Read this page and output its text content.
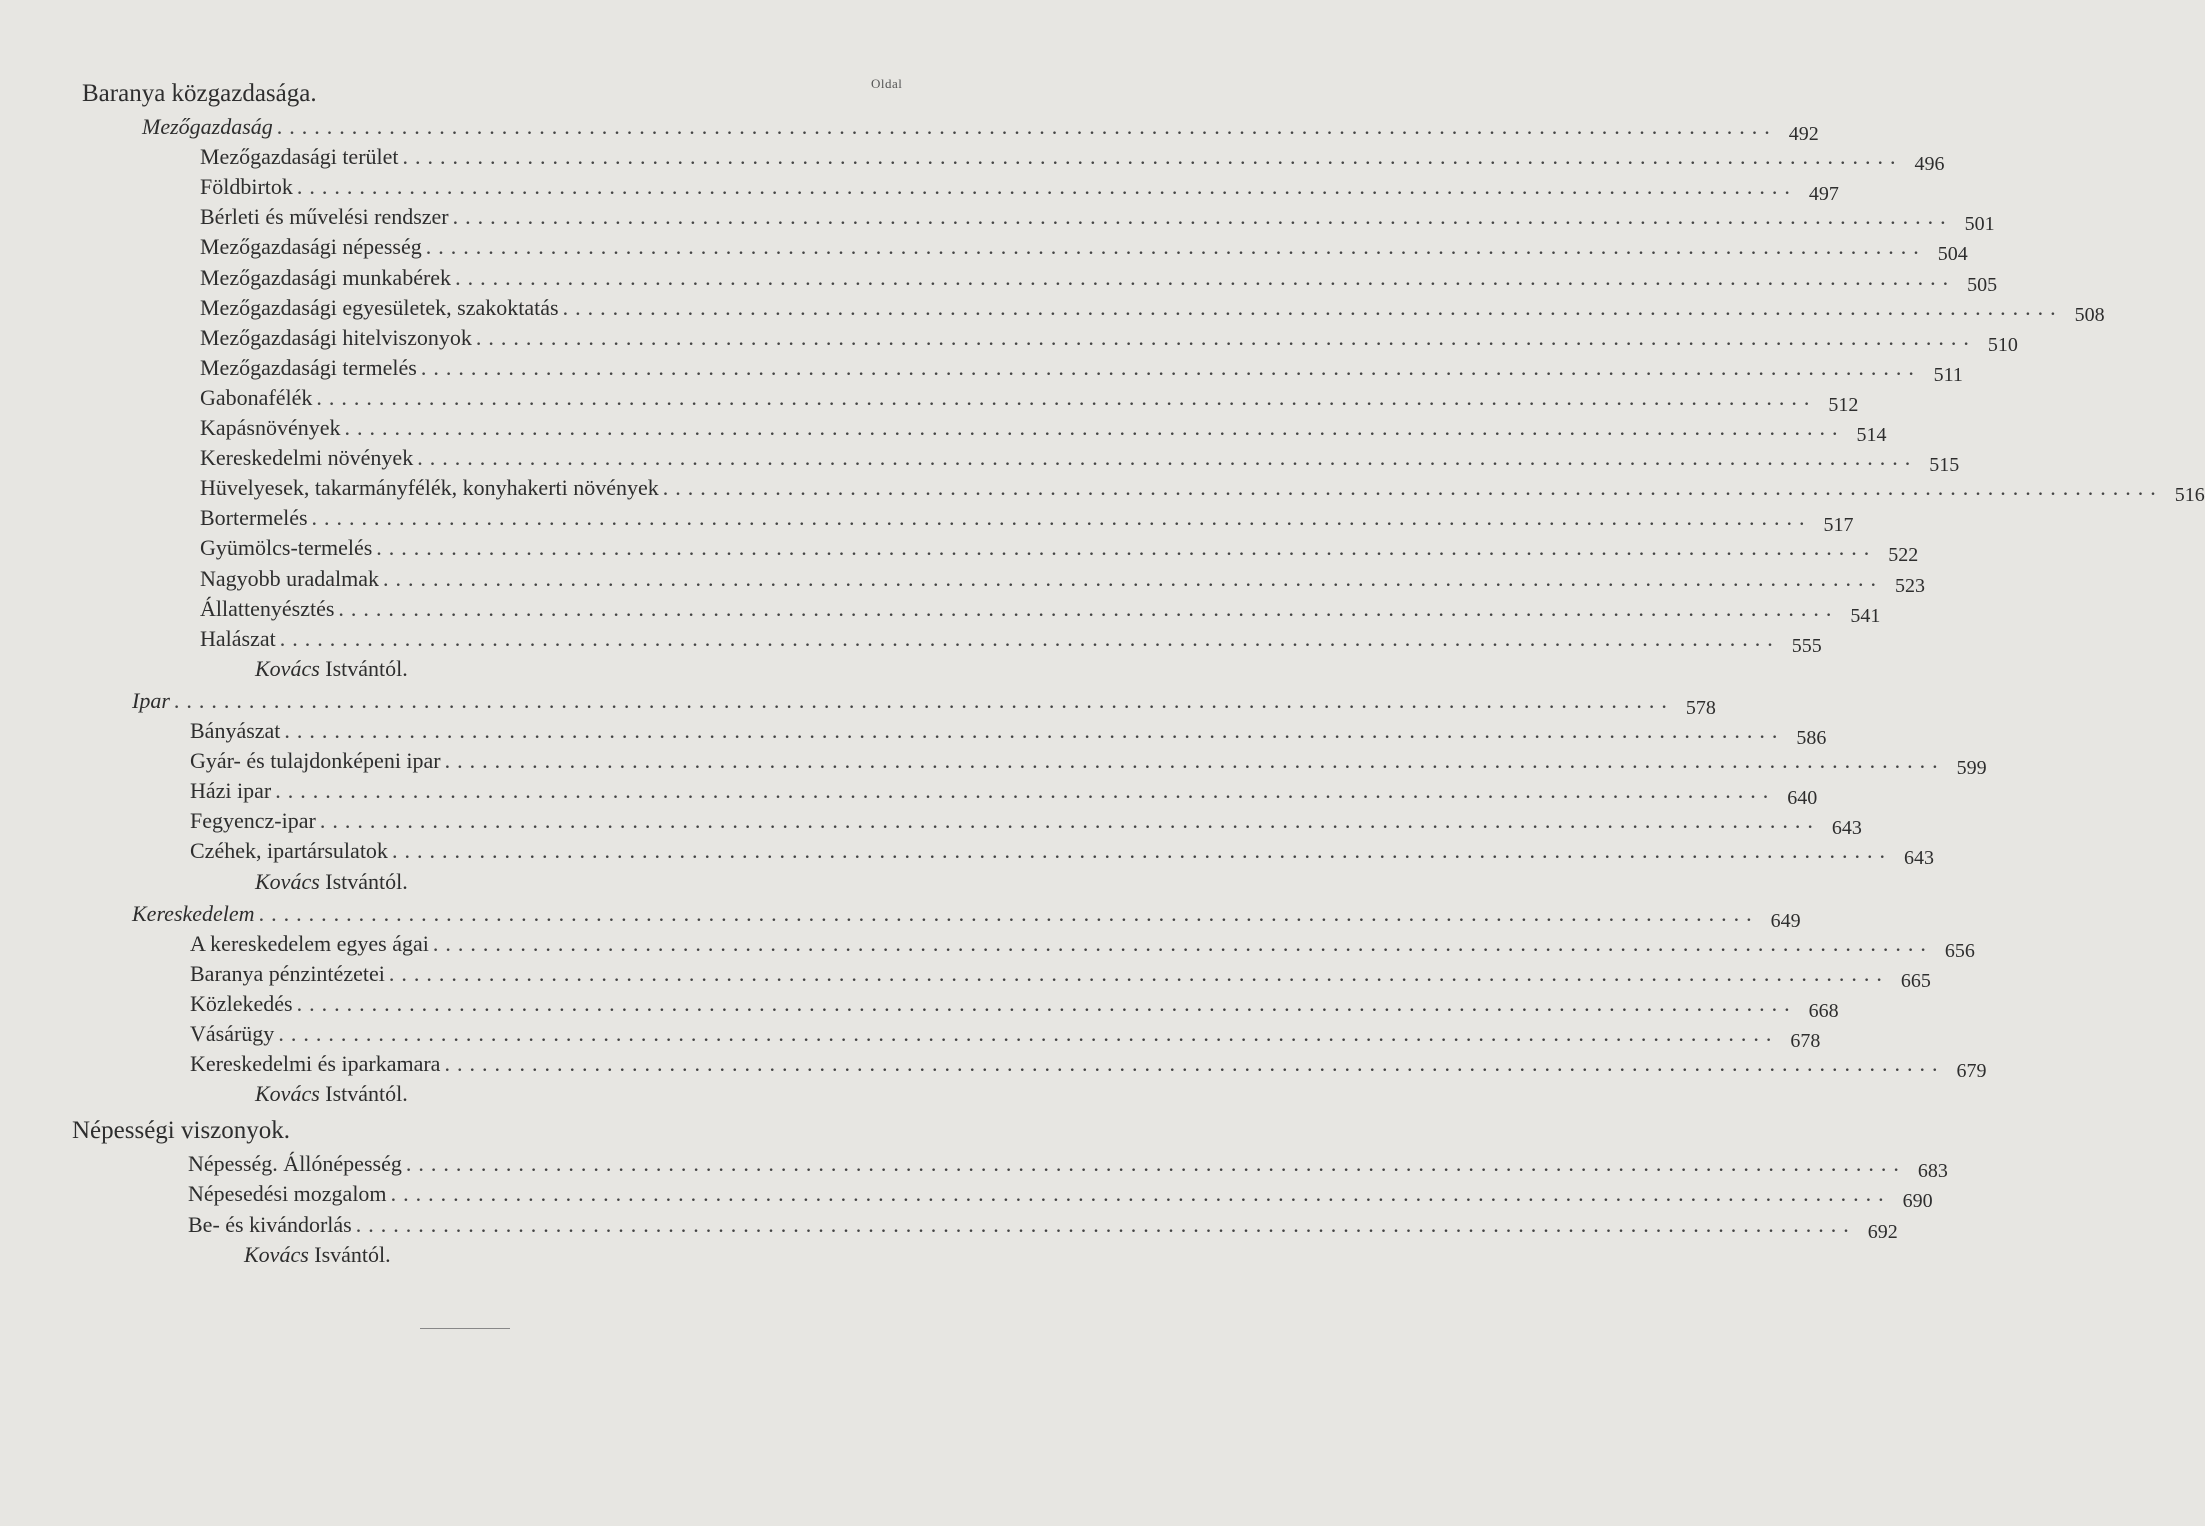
Oldal
Baranya közgazdasága.
Mezőgazdaság ........................................................................................................................ 492
Mezőgazdasági terület ........................................................................................................................ 496
Földbirtok ........................................................................................................................ 497
Bérleti és művelési rendszer ........................................................................................................................ 501
Mezőgazdasági népesség ........................................................................................................................ 504
Mezőgazdasági munkabérek ........................................................................................................................ 505
Mezőgazdasági egyesületek, szakoktatás ........................................................................................................................ 508
Mezőgazdasági hitelviszonyok ........................................................................................................................ 510
Mezőgazdasági termelés ........................................................................................................................ 511
Gabonafélék ........................................................................................................................ 512
Kapásnövények ........................................................................................................................ 514
Kereskedelmi növények ........................................................................................................................ 515
Hüvelyesek, takarmányfélék, konyhakerti növények ........................................................................................................................ 516
Bortermelés ........................................................................................................................ 517
Gyümölcs-termelés ........................................................................................................................ 522
Nagyobb uradalmak ........................................................................................................................ 523
Állattenyésztés ........................................................................................................................ 541
Halászat ........................................................................................................................ 555
Kovács Istvántól.
Ipar ........................................................................................................................ 578
Bányászat ........................................................................................................................ 586
Gyár- és tulajdonképeni ipar ........................................................................................................................ 599
Házi ipar ........................................................................................................................ 640
Fegyencz-ipar ........................................................................................................................ 643
Czéhek, ipartársulatok ........................................................................................................................ 643
Kovács Istvántól.
Kereskedelem ........................................................................................................................ 649
A kereskedelem egyes ágai ........................................................................................................................ 656
Baranya pénzintézetei ........................................................................................................................ 665
Közlekedés ........................................................................................................................ 668
Vásárügy ........................................................................................................................ 678
Kereskedelmi és iparkamara ........................................................................................................................ 679
Kovács Istvántól.
Népességi viszonyok.
Népesség. Állónépesség ........................................................................................................................ 683
Népesedési mozgalom ........................................................................................................................ 690
Be- és kivándorlás ........................................................................................................................ 692
Kovács Isvántól.
